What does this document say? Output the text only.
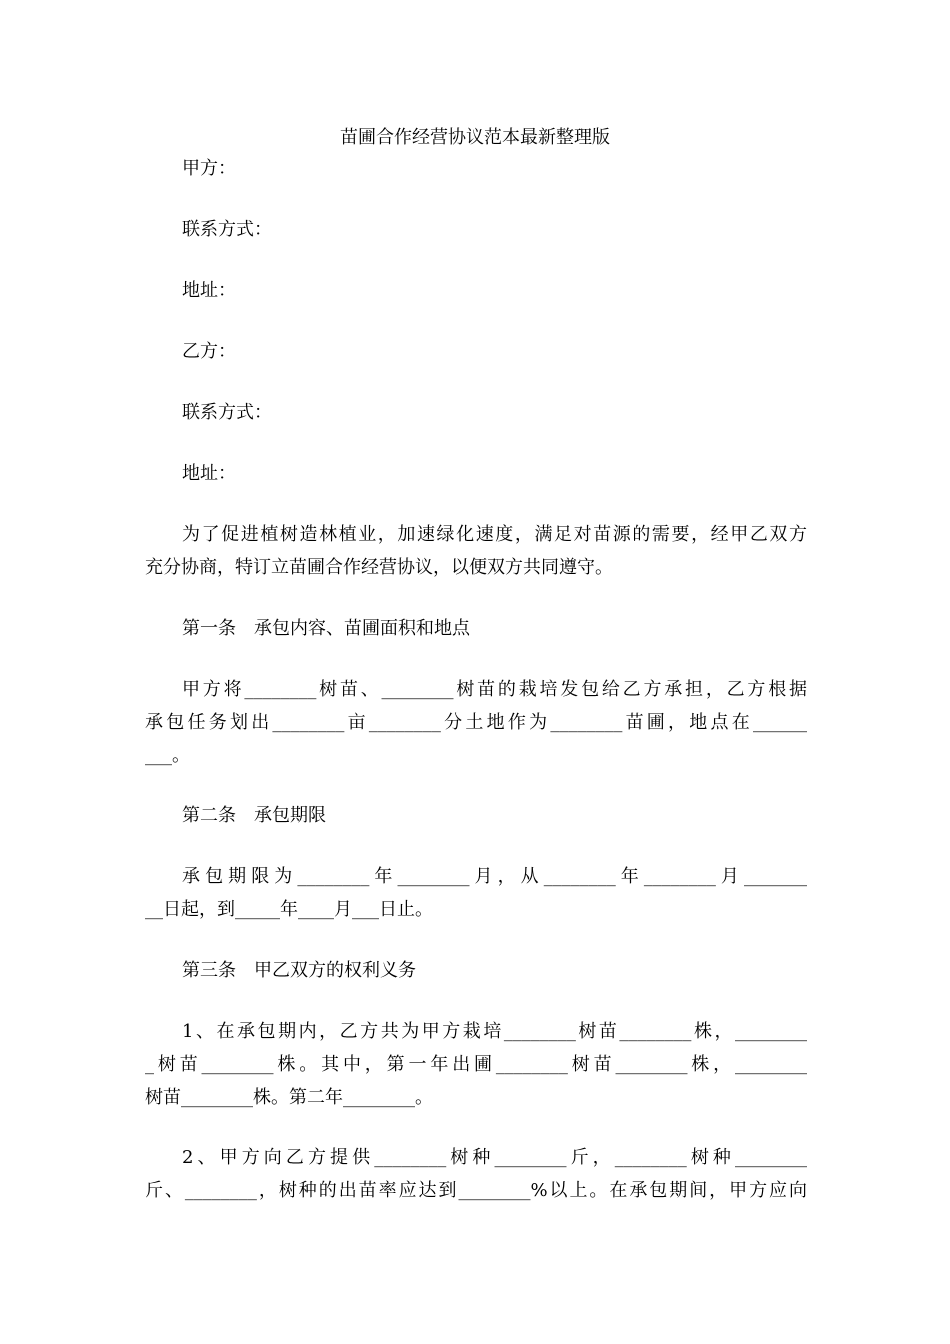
苗圃合作经营协议范本最新整理版
甲方：
联系方式：
地址：
乙方：
联系方式：
地址：
为了促进植树造林植业，加速绿化速度，满足对苗源的需要，经甲乙双方
充分协商，特订立苗圃合作经营协议，以便双方共同遵守。
第一条　承包内容、苗圃面积和地点
甲方将________树苗、________树苗的栽培发包给乙方承担，乙方根据
承包任务划出________亩________分土地作为________苗圃，地点在______
___。
第二条　承包期限
承包期限为________年________月，从________年________月_______
__日起，到_____年____月___日止。
第三条　甲乙双方的权利义务
1、在承包期内，乙方共为甲方栽培________树苗________株，________
_树苗________株。其中，第一年出圃________树苗________株，________
树苗________株。第二年________。
2、甲方向乙方提供________树种________斤，________树种________
斤、________，树种的出苗率应达到________%以上。在承包期间，甲方应向
